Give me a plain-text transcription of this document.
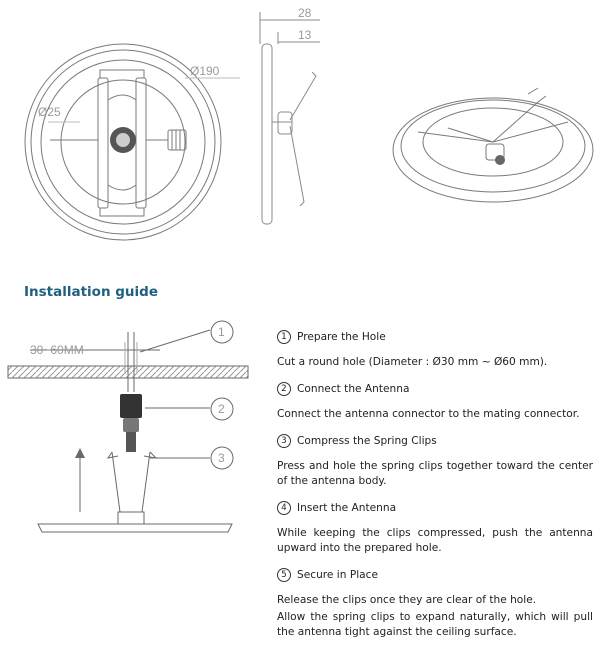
Ø190
Ø25
28
13
Installation guide
30~60MM
1
2
3
1 Prepare the Hole
Cut a round hole (Diameter : Ø30 mm ~ Ø60 mm).
2 Connect the Antenna
Connect the antenna connector to the mating connector.
3 Compress the Spring Clips
Press and hole the spring clips together toward the center of the antenna body.
4 Insert the Antenna
While keeping the clips compressed, push the antenna upward into the prepared hole.
5 Secure in Place
Release the clips once they are clear of the hole.
Allow the spring clips to expand naturally, which will pull the antenna tight against the ceiling surface.
